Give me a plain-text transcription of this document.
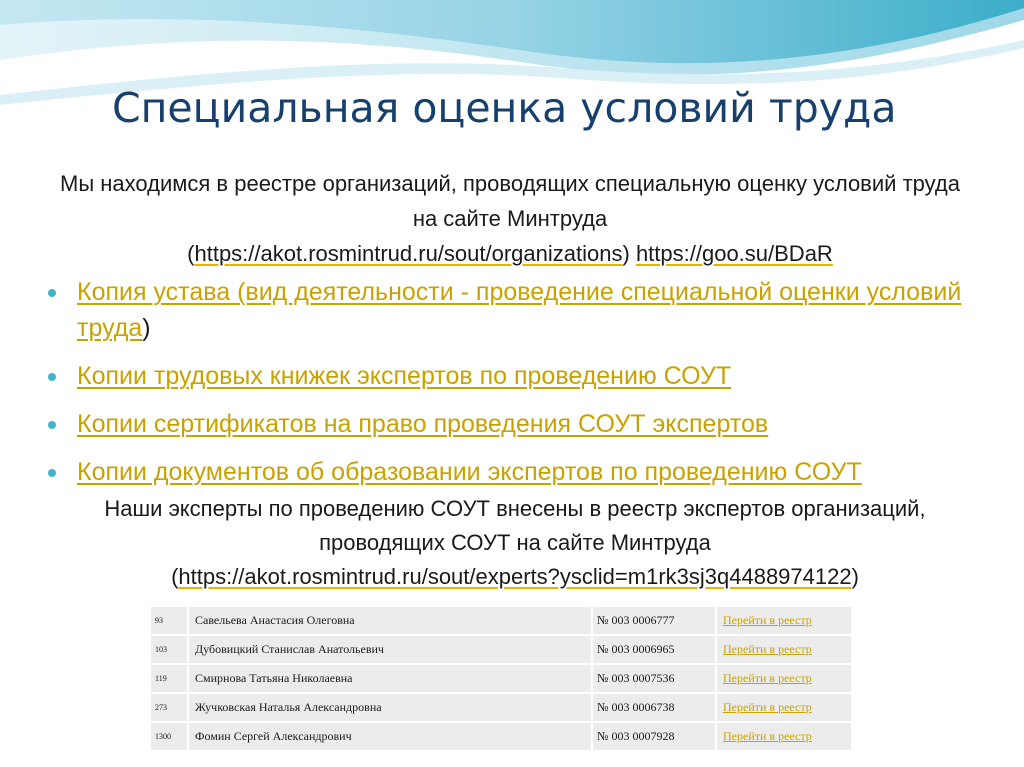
Специальная оценка условий труда
Мы находимся в реестре организаций, проводящих специальную оценку условий труда на сайте Минтруда
(https://akot.rosmintrud.ru/sout/organizations) https://goo.su/BDaR
Копия устава (вид деятельности - проведение специальной оценки условий труда)
Копии трудовых книжек экспертов по проведению СОУТ
Копии сертификатов на право проведения СОУТ экспертов
Копии документов об образовании экспертов по проведению СОУТ
Наши эксперты по проведению СОУТ внесены в реестр экспертов организаций, проводящих СОУТ на сайте Минтруда
(https://akot.rosmintrud.ru/sout/experts?ysclid=m1rk3sj3q4488974122)
93	Савельева Анастасия Олеговна	№ 003 0006777	Перейти в реестр
103	Дубовицкий Станислав Анатольевич	№ 003 0006965	Перейти в реестр
119	Смирнова Татьяна Николаевна	№ 003 0007536	Перейти в реестр
273	Жучковская Наталья Александровна	№ 003 0006738	Перейти в реестр
1300	Фомин Сергей Александрович	№ 003 0007928	Перейти в реестр
